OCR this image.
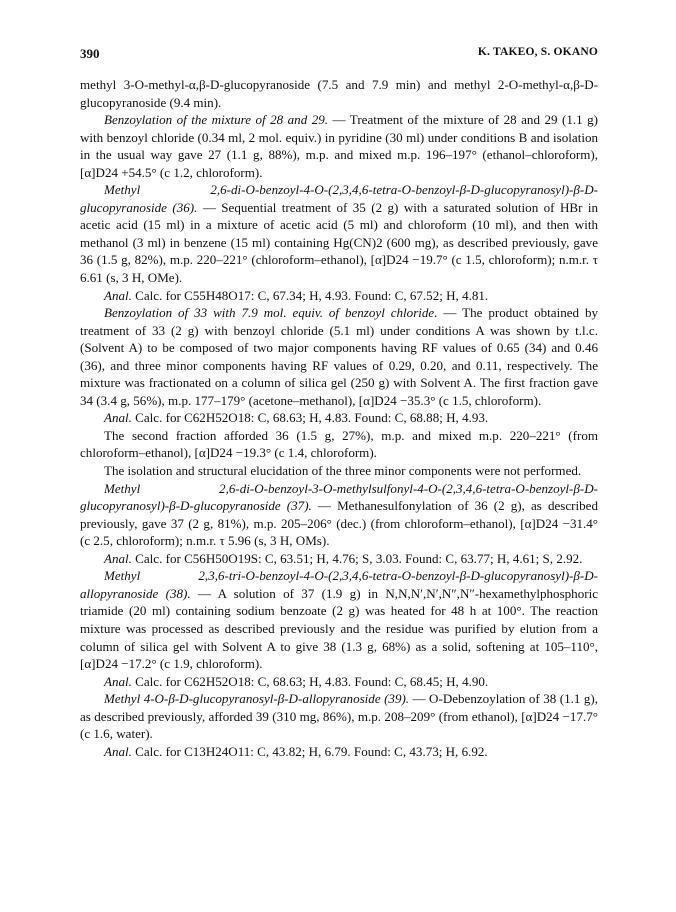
390	K. TAKEO, S. OKANO

methyl 3-O-methyl-α,β-D-glucopyranoside (7.5 and 7.9 min) and methyl 2-O-methyl-α,β-D-glucopyranoside (9.4 min).

Benzoylation of the mixture of 28 and 29. — Treatment of the mixture of 28 and 29 (1.1 g) with benzoyl chloride (0.34 ml, 2 mol. equiv.) in pyridine (30 ml) under conditions B and isolation in the usual way gave 27 (1.1 g, 88%), m.p. and mixed m.p. 196–197° (ethanol–chloroform), [α]D24 +54.5° (c 1.2, chloroform).

Methyl 2,6-di-O-benzoyl-4-O-(2,3,4,6-tetra-O-benzoyl-β-D-glucopyranosyl)-β-D-glucopyranoside (36). — Sequential treatment of 35 (2 g) with a saturated solution of HBr in acetic acid (15 ml) in a mixture of acetic acid (5 ml) and chloroform (10 ml), and then with methanol (3 ml) in benzene (15 ml) containing Hg(CN)2 (600 mg), as described previously, gave 36 (1.5 g, 82%), m.p. 220–221° (chloroform–ethanol), [α]D24 −19.7° (c 1.5, chloroform); n.m.r. τ 6.61 (s, 3 H, OMe).

Anal. Calc. for C55H48O17: C, 67.34; H, 4.93. Found: C, 67.52; H, 4.81.

Benzoylation of 33 with 7.9 mol. equiv. of benzoyl chloride. — The product obtained by treatment of 33 (2 g) with benzoyl chloride (5.1 ml) under conditions A was shown by t.l.c. (Solvent A) to be composed of two major components having RF values of 0.65 (34) and 0.46 (36), and three minor components having RF values of 0.29, 0.20, and 0.11, respectively. The mixture was fractionated on a column of silica gel (250 g) with Solvent A. The first fraction gave 34 (3.4 g, 56%), m.p. 177–179° (acetone–methanol), [α]D24 −35.3° (c 1.5, chloroform).

Anal. Calc. for C62H52O18: C, 68.63; H, 4.83. Found: C, 68.88; H, 4.93.

The second fraction afforded 36 (1.5 g, 27%), m.p. and mixed m.p. 220–221° (from chloroform–ethanol), [α]D24 −19.3° (c 1.4, chloroform).

The isolation and structural elucidation of the three minor components were not performed.

Methyl 2,6-di-O-benzoyl-3-O-methylsulfonyl-4-O-(2,3,4,6-tetra-O-benzoyl-β-D-glucopyranosyl)-β-D-glucopyranoside (37). — Methanesulfonylation of 36 (2 g), as described previously, gave 37 (2 g, 81%), m.p. 205–206° (dec.) (from chloroform–ethanol), [α]D24 −31.4° (c 2.5, chloroform); n.m.r. τ 5.96 (s, 3 H, OMs).

Anal. Calc. for C56H50O19S: C, 63.51; H, 4.76; S, 3.03. Found: C, 63.77; H, 4.61; S, 2.92.

Methyl 2,3,6-tri-O-benzoyl-4-O-(2,3,4,6-tetra-O-benzoyl-β-D-glucopyranosyl)-β-D-allopyranoside (38). — A solution of 37 (1.9 g) in N,N,N′,N′,N″,N″-hexamethylphosphoric triamide (20 ml) containing sodium benzoate (2 g) was heated for 48 h at 100°. The reaction mixture was processed as described previously and the residue was purified by elution from a column of silica gel with Solvent A to give 38 (1.3 g, 68%) as a solid, softening at 105–110°, [α]D24 −17.2° (c 1.9, chloroform).

Anal. Calc. for C62H52O18: C, 68.63; H, 4.83. Found: C, 68.45; H, 4.90.

Methyl 4-O-β-D-glucopyranosyl-β-D-allopyranoside (39). — O-Debenzoylation of 38 (1.1 g), as described previously, afforded 39 (310 mg, 86%), m.p. 208–209° (from ethanol), [α]D24 −17.7° (c 1.6, water).

Anal. Calc. for C13H24O11: C, 43.82; H, 6.79. Found: C, 43.73; H, 6.92.
